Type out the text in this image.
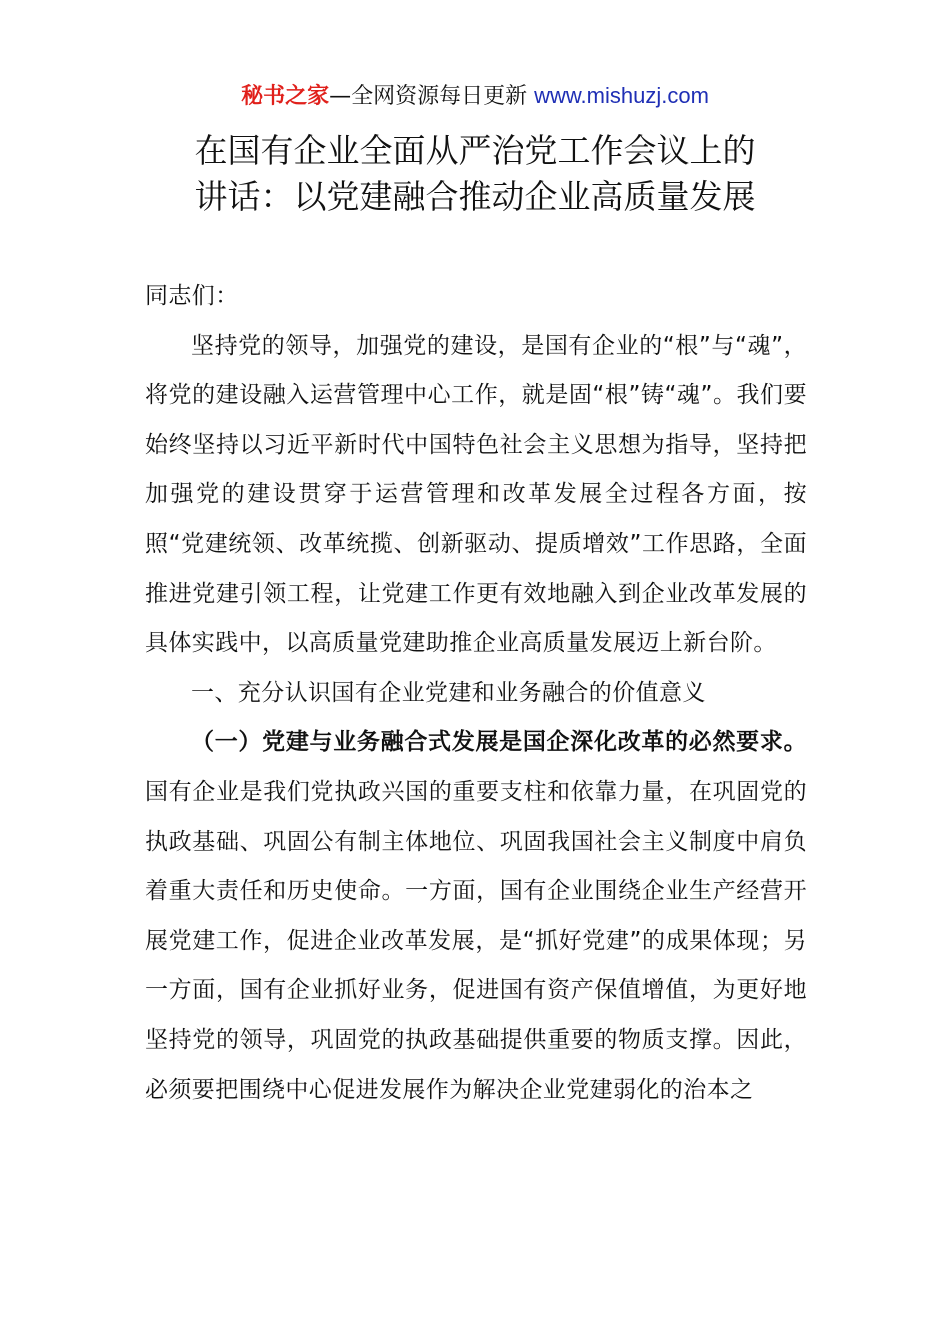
秘书之家—全网资源每日更新 www.mishuzj.com
在国有企业全面从严治党工作会议上的
讲话：以党建融合推动企业高质量发展

同志们：

坚持党的领导，加强党的建设，是国有企业的“根”与“魂”，将党的建设融入运营管理中心工作，就是固“根”铸“魂”。我们要始终坚持以习近平新时代中国特色社会主义思想为指导，坚持把加强党的建设贯穿于运营管理和改革发展全过程各方面，按照“党建统领、改革统揽、创新驱动、提质增效”工作思路，全面推进党建引领工程，让党建工作更有效地融入到企业改革发展的具体实践中，以高质量党建助推企业高质量发展迈上新台阶。

一、充分认识国有企业党建和业务融合的价值意义

（一）党建与业务融合式发展是国企深化改革的必然要求。国有企业是我们党执政兴国的重要支柱和依靠力量，在巩固党的执政基础、巩固公有制主体地位、巩固我国社会主义制度中肩负着重大责任和历史使命。一方面，国有企业围绕企业生产经营开展党建工作，促进企业改革发展，是“抓好党建”的成果体现；另一方面，国有企业抓好业务，促进国有资产保值增值，为更好地坚持党的领导，巩固党的执政基础提供重要的物质支撑。因此，必须要把围绕中心促进发展作为解决企业党建弱化的治本之
